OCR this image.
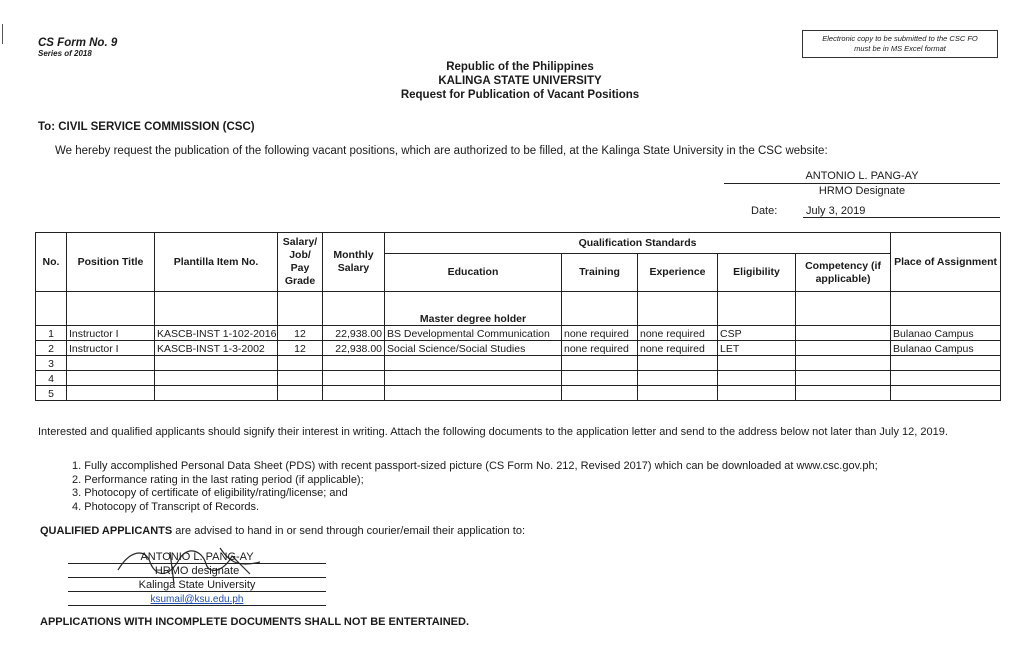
CS Form No. 9
Series of 2018
Electronic copy to be submitted to the CSC FO
must be in MS Excel format
Republic of the Philippines
KALINGA STATE UNIVERSITY
Request for Publication of Vacant Positions
To: CIVIL SERVICE COMMISSION (CSC)
We hereby request the publication of the following vacant positions, which are authorized to be filled, at the Kalinga State University in the CSC website:
ANTONIO L. PANG-AY
HRMO Designate
Date:	July 3, 2019
No.	Position Title	Plantilla Item No.	Salary/ Job/ Pay Grade	Monthly Salary	Qualification Standards					Place of Assignment
					Education	Training	Experience	Eligibility	Competency (if applicable)	
					Master degree holder					
1	Instructor I	KASCB-INST 1-102-2016	12	22,938.00	BS Developmental Communication	none required	none required	CSP		Bulanao Campus
2	Instructor I	KASCB-INST 1-3-2002	12	22,938.00	Social Science/Social Studies	none required	none required	LET		Bulanao Campus
3										
4										
5										
Interested and qualified applicants should signify their interest in writing. Attach the following documents to the application letter and send to the address below not later than July 12, 2019.
1. Fully accomplished Personal Data Sheet (PDS) with recent passport-sized picture (CS Form No. 212, Revised 2017) which can be downloaded at www.csc.gov.ph;
2. Performance rating in the last rating period (if applicable);
3. Photocopy of certificate of eligibility/rating/license; and
4. Photocopy of Transcript of Records.
QUALIFIED APPLICANTS are advised to hand in or send through courier/email their application to:
ANTONIO L. PANG-AY
HRMO designate
Kalinga State University
ksumail@ksu.edu.ph
APPLICATIONS WITH INCOMPLETE DOCUMENTS SHALL NOT BE ENTERTAINED.
